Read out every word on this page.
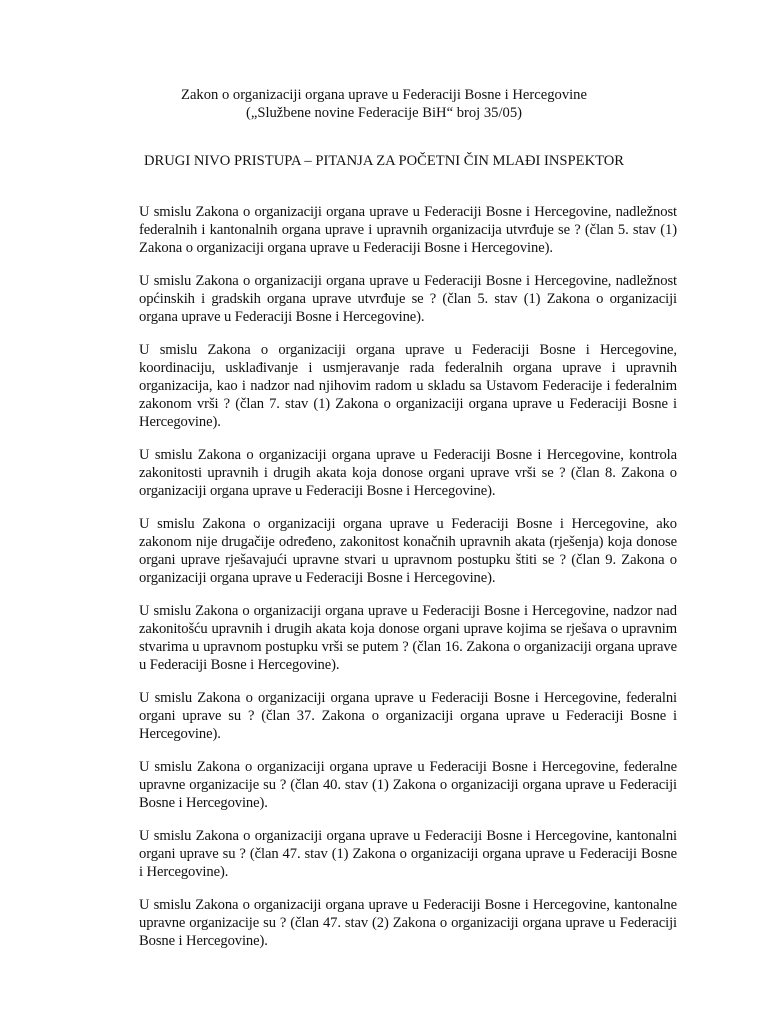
Zakon o organizaciji organa uprave u Federaciji Bosne i Hercegovine
(„Službene novine Federacije BiH“ broj 35/05)
DRUGI NIVO PRISTUPA – PITANJA ZA POČETNI ČIN MLAĐI INSPEKTOR

U smislu Zakona o organizaciji organa uprave u Federaciji Bosne i Hercegovine, nadležnost federalnih i kantonalnih organa uprave i upravnih organizacija utvrđuje se ? (član 5. stav (1) Zakona o organizaciji organa uprave u Federaciji Bosne i Hercegovine).

U smislu Zakona o organizaciji organa uprave u Federaciji Bosne i Hercegovine, nadležnost općinskih i gradskih organa uprave utvrđuje se ? (član 5. stav (1) Zakona o organizaciji organa uprave u Federaciji Bosne i Hercegovine).

U smislu Zakona o organizaciji organa uprave u Federaciji Bosne i Hercegovine, koordinaciju, usklađivanje i usmjeravanje rada federalnih organa uprave i upravnih organizacija, kao i nadzor nad njihovim radom u skladu sa Ustavom Federacije i federalnim zakonom vrši ? (član 7. stav (1) Zakona o organizaciji organa uprave u Federaciji Bosne i Hercegovine).

U smislu Zakona o organizaciji organa uprave u Federaciji Bosne i Hercegovine, kontrola zakonitosti upravnih i drugih akata koja donose organi uprave vrši se ? (član 8. Zakona o organizaciji organa uprave u Federaciji Bosne i Hercegovine).

U smislu Zakona o organizaciji organa uprave u Federaciji Bosne i Hercegovine, ako zakonom nije drugačije određeno, zakonitost konačnih upravnih akata (rješenja) koja donose organi uprave rješavajući upravne stvari u upravnom postupku štiti se ? (član 9. Zakona o organizaciji organa uprave u Federaciji Bosne i Hercegovine).

U smislu Zakona o organizaciji organa uprave u Federaciji Bosne i Hercegovine, nadzor nad zakonitošću upravnih i drugih akata koja donose organi uprave kojima se rješava o upravnim stvarima u upravnom postupku vrši se putem ? (član 16. Zakona o organizaciji organa uprave u Federaciji Bosne i Hercegovine).

U smislu Zakona o organizaciji organa uprave u Federaciji Bosne i Hercegovine, federalni organi uprave su ? (član 37. Zakona o organizaciji organa uprave u Federaciji Bosne i Hercegovine).

U smislu Zakona o organizaciji organa uprave u Federaciji Bosne i Hercegovine, federalne upravne organizacije su ? (član 40. stav (1) Zakona o organizaciji organa uprave u Federaciji Bosne i Hercegovine).

U smislu Zakona o organizaciji organa uprave u Federaciji Bosne i Hercegovine, kantonalni organi uprave su ? (član 47. stav (1) Zakona o organizaciji organa uprave u Federaciji Bosne i Hercegovine).

U smislu Zakona o organizaciji organa uprave u Federaciji Bosne i Hercegovine, kantonalne upravne organizacije su ? (član 47. stav (2) Zakona o organizaciji organa uprave u Federaciji Bosne i Hercegovine).
